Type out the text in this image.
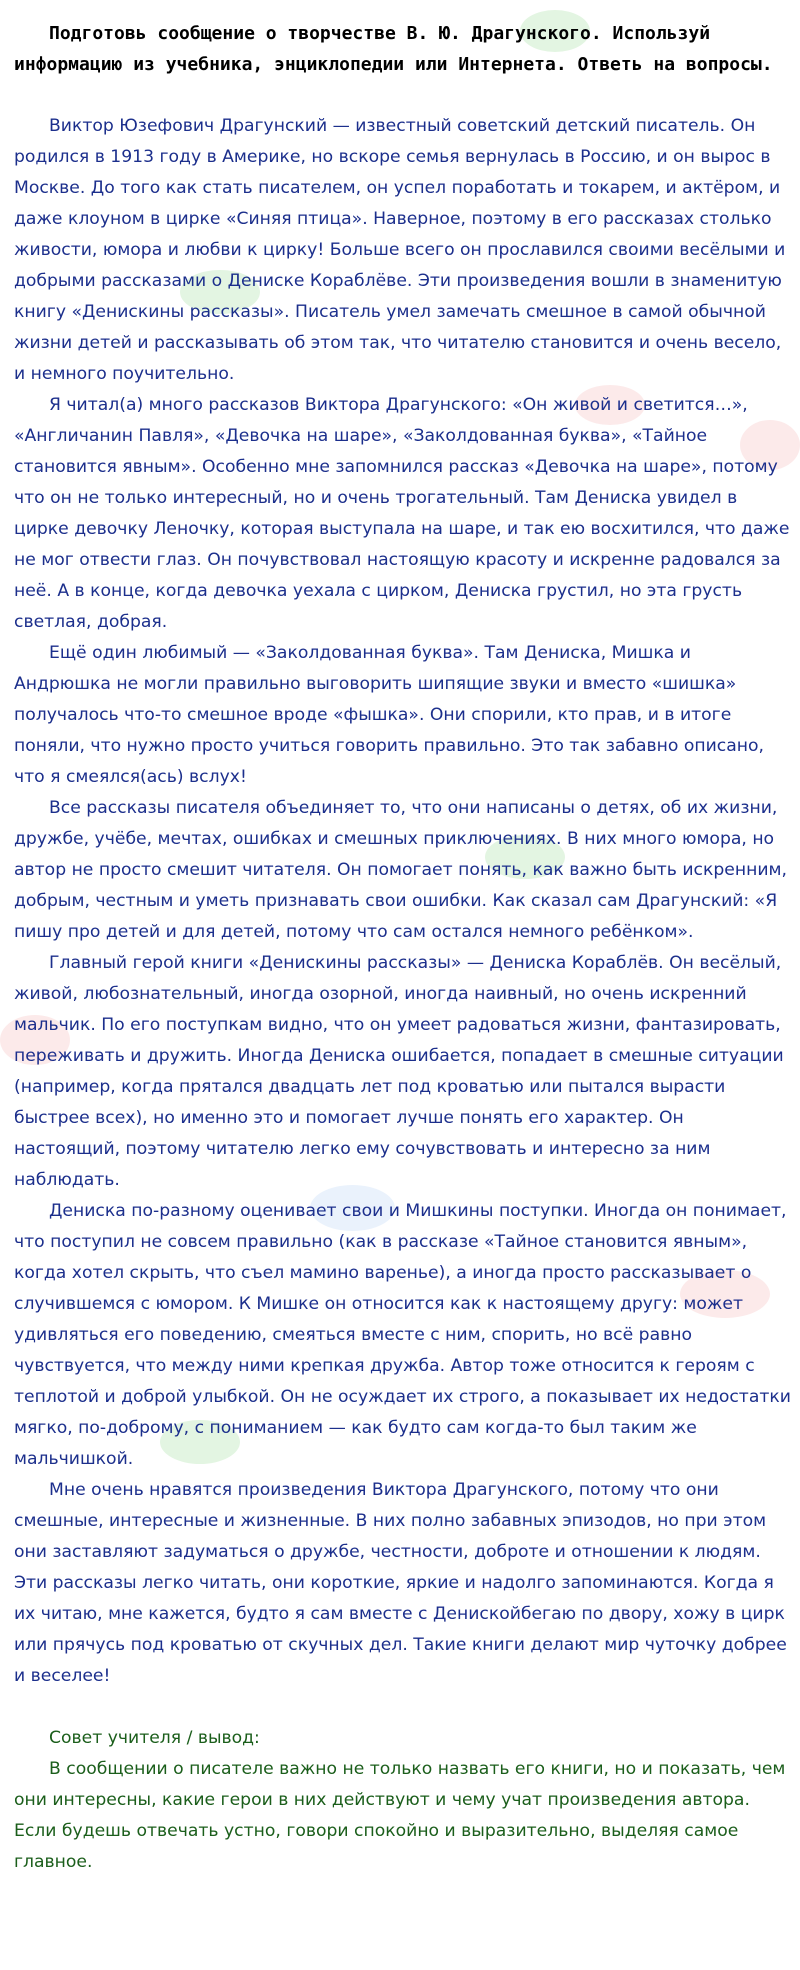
Подготовь сообщение о творчестве В. Ю. Драгунского. Используй информацию из учебника, энциклопедии или Интернета. Ответь на вопросы.

Виктор Юзефович Драгунский — известный советский детский писатель. Он родился в 1913 году в Америке, но вскоре семья вернулась в Россию, и он вырос в Москве. До того как стать писателем, он успел поработать и токарем, и актёром, и даже клоуном в цирке «Синяя птица». Наверное, поэтому в его рассказах столько живости, юмора и любви к цирку! Больше всего он прославился своими весёлыми и добрыми рассказами о Дениске Кораблёве. Эти произведения вошли в знаменитую книгу «Денискины рассказы». Писатель умел замечать смешное в самой обычной жизни детей и рассказывать об этом так, что читателю становится и очень весело, и немного поучительно.

Я читал(а) много рассказов Виктора Драгунского: «Он живой и светится…», «Англичанин Павля», «Девочка на шаре», «Заколдованная буква», «Тайное становится явным». Особенно мне запомнился рассказ «Девочка на шаре», потому что он не только интересный, но и очень трогательный. Там Дениска увидел в цирке девочку Леночку, которая выступала на шаре, и так ею восхитился, что даже не мог отвести глаз. Он почувствовал настоящую красоту и искренне радовался за неё. А в конце, когда девочка уехала с цирком, Дениска грустил, но эта грусть светлая, добрая.

Ещё один любимый — «Заколдованная буква». Там Дениска, Мишка и Андрюшка не могли правильно выговорить шипящие звуки и вместо «шишка» получалось что-то смешное вроде «фышка». Они спорили, кто прав, и в итоге поняли, что нужно просто учиться говорить правильно. Это так забавно описано, что я смеялся(ась) вслух!

Все рассказы писателя объединяет то, что они написаны о детях, об их жизни, дружбе, учёбе, мечтах, ошибках и смешных приключениях. В них много юмора, но автор не просто смешит читателя. Он помогает понять, как важно быть искренним, добрым, честным и уметь признавать свои ошибки. Как сказал сам Драгунский: «Я пишу про детей и для детей, потому что сам остался немного ребёнком».

Главный герой книги «Денискины рассказы» — Дениска Кораблёв. Он весёлый, живой, любознательный, иногда озорной, иногда наивный, но очень искренний мальчик. По его поступкам видно, что он умеет радоваться жизни, фантазировать, переживать и дружить. Иногда Дениска ошибается, попадает в смешные ситуации (например, когда прятался двадцать лет под кроватью или пытался вырасти быстрее всех), но именно это и помогает лучше понять его характер. Он настоящий, поэтому читателю легко ему сочувствовать и интересно за ним наблюдать.

Дениска по-разному оценивает свои и Мишкины поступки. Иногда он понимает, что поступил не совсем правильно (как в рассказе «Тайное становится явным», когда хотел скрыть, что съел мамино варенье), а иногда просто рассказывает о случившемся с юмором. К Мишке он относится как к настоящему другу: может удивляться его поведению, смеяться вместе с ним, спорить, но всё равно чувствуется, что между ними крепкая дружба. Автор тоже относится к героям с теплотой и доброй улыбкой. Он не осуждает их строго, а показывает их недостатки мягко, по-доброму, с пониманием — как будто сам когда-то был таким же мальчишкой.

Мне очень нравятся произведения Виктора Драгунского, потому что они смешные, интересные и жизненные. В них полно забавных эпизодов, но при этом они заставляют задуматься о дружбе, честности, доброте и отношении к людям. Эти рассказы легко читать, они короткие, яркие и надолго запоминаются. Когда я их читаю, мне кажется, будто я сам вместе с Денискойбегаю по двору, хожу в цирк или прячусь под кроватью от скучных дел. Такие книги делают мир чуточку добрее и веселее!

Совет учителя / вывод:

В сообщении о писателе важно не только назвать его книги, но и показать, чем они интересны, какие герои в них действуют и чему учат произведения автора. Если будешь отвечать устно, говори спокойно и выразительно, выделяя самое главное.
